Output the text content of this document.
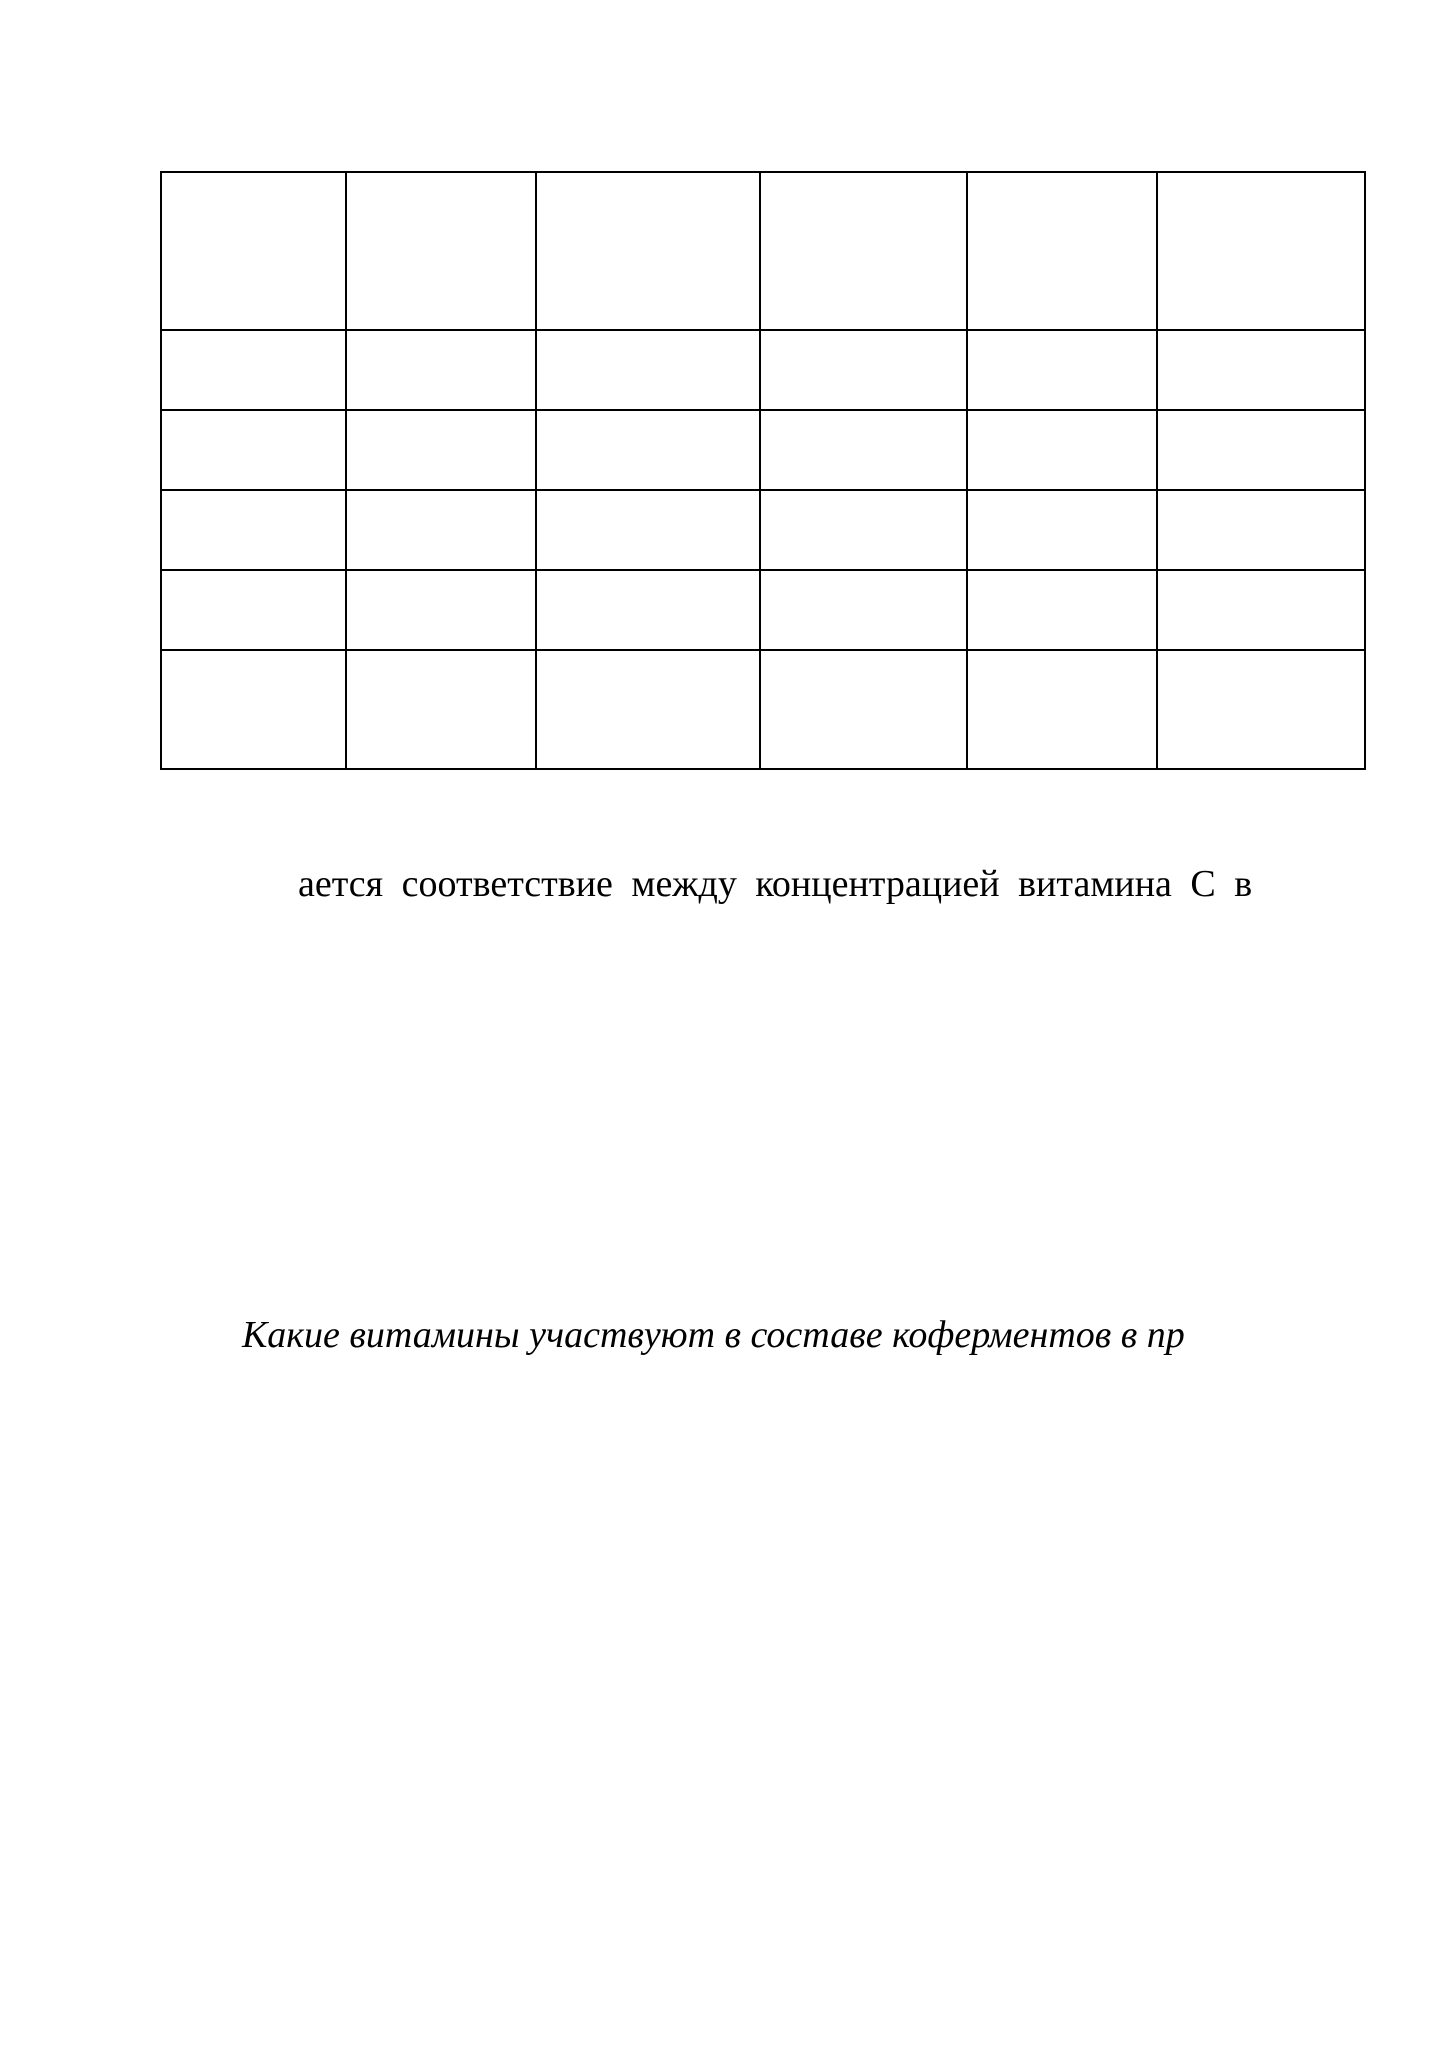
ается соответствие между концентрацией витамина С в
Какие витамины участвуют в составе коферментов в пр
